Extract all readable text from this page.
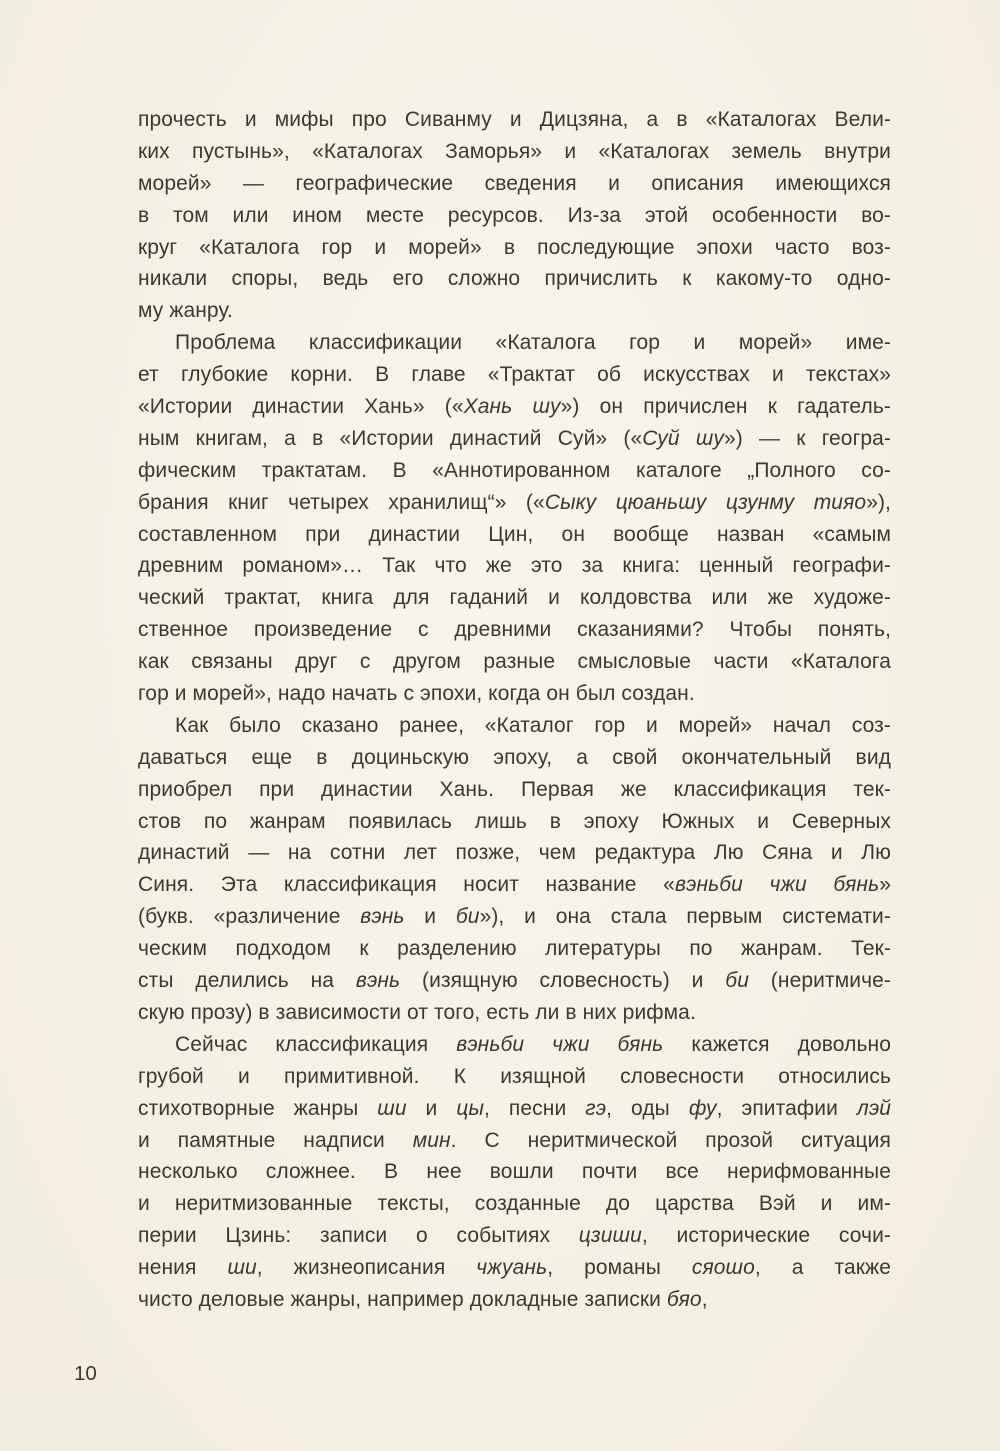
прочесть и мифы про Сиванму и Дицзяна, а в «Каталогах Вели-
ких пустынь», «Каталогах Заморья» и «Каталогах земель внутри
морей» — географические сведения и описания имеющихся
в том или ином месте ресурсов. Из-за этой особенности во-
круг «Каталога гор и морей» в последующие эпохи часто воз-
никали споры, ведь его сложно причислить к какому-то одно-
му жанру.
Проблема классификации «Каталога гор и морей» име-
ет глубокие корни. В главе «Трактат об искусствах и текстах»
«Истории династии Хань» («Хань шу») он причислен к гадатель-
ным книгам, а в «Истории династий Суй» («Суй шу») — к геогра-
фическим трактатам. В «Аннотированном каталоге „Полного со-
брания книг четырех хранилищ“» («Сыку цюаньшу цзунму тияо»),
составленном при династии Цин, он вообще назван «самым
древним романом»… Так что же это за книга: ценный географи-
ческий трактат, книга для гаданий и колдовства или же художе-
ственное произведение с древними сказаниями? Чтобы понять,
как связаны друг с другом разные смысловые части «Каталога
гор и морей», надо начать с эпохи, когда он был создан.
Как было сказано ранее, «Каталог гор и морей» начал соз-
даваться еще в доциньскую эпоху, а свой окончательный вид
приобрел при династии Хань. Первая же классификация тек-
стов по жанрам появилась лишь в эпоху Южных и Северных
династий — на сотни лет позже, чем редактура Лю Сяна и Лю
Синя. Эта классификация носит название «вэньби чжи бянь»
(букв. «различение вэнь и би»), и она стала первым системати-
ческим подходом к разделению литературы по жанрам. Тек-
сты делились на вэнь (изящную словесность) и би (неритмиче-
скую прозу) в зависимости от того, есть ли в них рифма.
Сейчас классификация вэньби чжи бянь кажется довольно
грубой и примитивной. К изящной словесности относились
стихотворные жанры ши и цы, песни гэ, оды фу, эпитафии лэй
и памятные надписи мин. С неритмической прозой ситуация
несколько сложнее. В нее вошли почти все нерифмованные
и неритмизованные тексты, созданные до царства Вэй и им-
перии Цзинь: записи о событиях цзиши, исторические сочи-
нения ши, жизнеописания чжуань, романы сяошо, а также
чисто деловые жанры, например докладные записки бяо,
10
